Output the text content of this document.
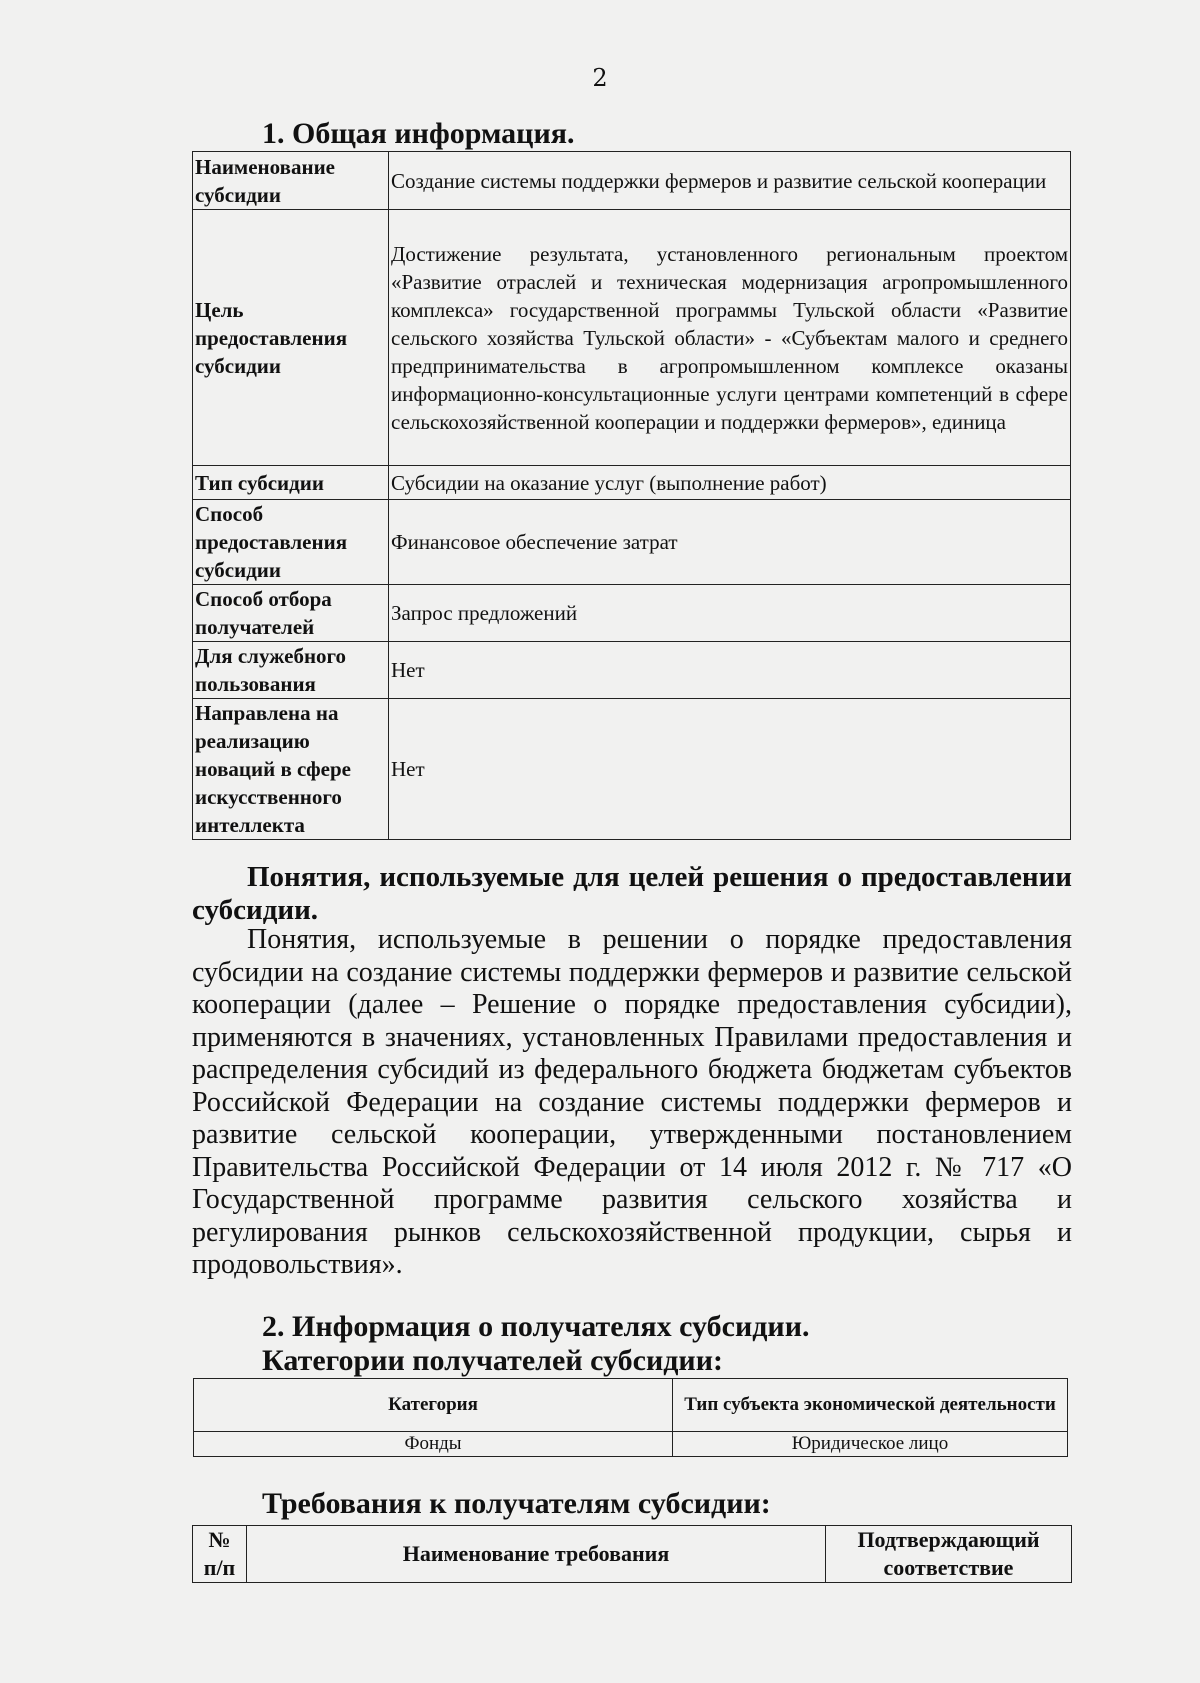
2
1. Общая информация.
Наименование субсидии	Создание системы поддержки фермеров и развитие сельской кооперации
Цель предоставления субсидии	Достижение результата, установленного региональным проектом «Развитие отраслей и техническая модернизация агропромышленного комплекса» государственной программы Тульской области «Развитие сельского хозяйства Тульской области» - «Субъектам малого и среднего предпринимательства в агропромышленном комплексе оказаны информационно-консультационные услуги центрами компетенций в сфере сельскохозяйственной кооперации и поддержки фермеров», единица
Тип субсидии	Субсидии на оказание услуг (выполнение работ)
Способ предоставления субсидии	Финансовое обеспечение затрат
Способ отбора получателей	Запрос предложений
Для служебного пользования	Нет
Направлена на реализацию новаций в сфере искусственного интеллекта	Нет

Понятия, используемые для целей решения о предоставлении субсидии.

Понятия, используемые в решении о порядке предоставления субсидии на создание системы поддержки фермеров и развитие сельской кооперации (далее – Решение о порядке предоставления субсидии), применяются в значениях, установленных Правилами предоставления и распределения субсидий из федерального бюджета бюджетам субъектов Российской Федерации на создание системы поддержки фермеров и развитие сельской кооперации, утвержденными постановлением Правительства Российской Федерации от 14 июля 2012 г. № 717 «О Государственной программе развития сельского хозяйства и регулирования рынков сельскохозяйственной продукции, сырья и продовольствия».

2. Информация о получателях субсидии.
Категории получателей субсидии:
Категория	Тип субъекта экономической деятельности
Фонды	Юридическое лицо
Требования к получателям субсидии:
№ п/п	Наименование требования	Подтверждающий соответствие
